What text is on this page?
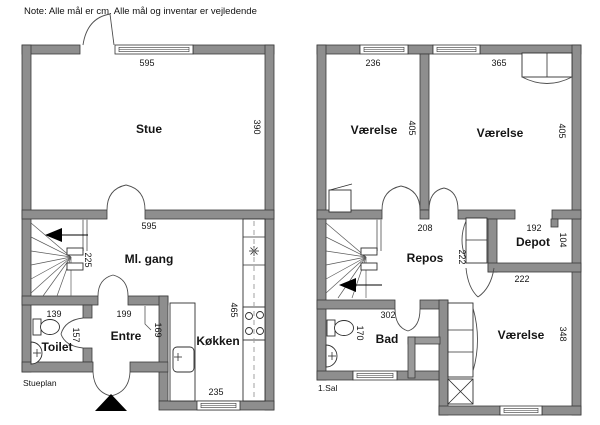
Note: Alle mål er cm. Alle mål og inventar er vejledende
595
Stue	390
595
Ml. gang
225
139	199
157	169
Toilet
Entre	Køkken
465
235
Stueplan
236	365
Værelse 405	Værelse	405
208
Repos 222
192
Depot 104
222
302
Bad
170	Værelse 348
1.Sal
